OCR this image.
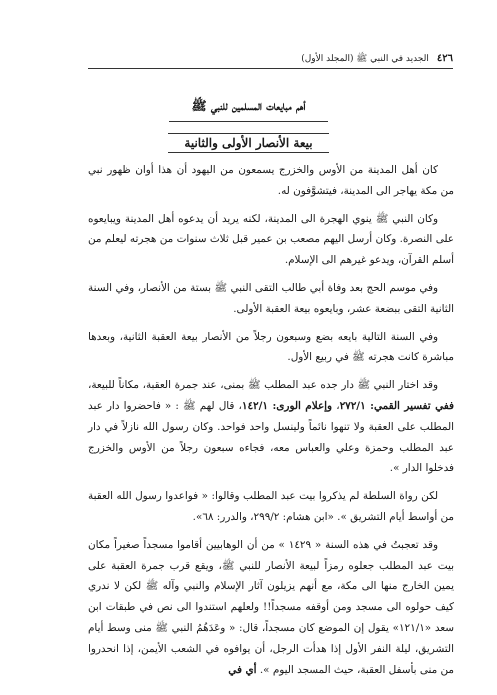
٤٢٦
الجديد في النبي ﷺ (المجلد الأول)
أهم مبايعات المسلمين للنبي ﷺ
بيعة الأنصار الأولى والثانية

كان أهل المدينة من الأوس والخزرج يسمعون من اليهود أن هذا أوان ظهور نبي من مكة يهاجر الى المدينة، فيتشوَّفون له.

وكان النبي ﷺ ينوي الهجرة الى المدينة، لكنه يريد أن يدعوه أهل المدينة ويبايعوه على النصرة. وكان أرسل اليهم مصعب بن عمير قبل ثلاث سنوات من هجرته ليعلم من أسلم القرآن، ويدعو غيرهم الى الإسلام.

وفي موسم الحج بعد وفاة أبي طالب التقى النبي ﷺ بستة من الأنصار، وفي السنة الثانية التقى ببضعة عشر، وبايعوه بيعة العقبة الأولى.

وفي السنة التالية بايعه بضع وسبعون رجلاً من الأنصار بيعة العقبة الثانية، وبعدها مباشرة كانت هجرته ﷺ في ربيع الأول.

وقد اختار النبي ﷺ دار جده عبد المطلب ﷺ بمنى، عند جمرة العقبة، مكاناً للبيعة، ففي تفسير القمي: ٢٧٢/١، وإعلام الورى: ١٤٢/١، قال لهم ﷺ : « فاحضروا دار عبد المطلب على العقبة ولا تنهوا نائماً ولينسل واحد فواحد. وكان رسول الله نازلاً في دار عبد المطلب وحمزة وعلي والعباس معه، فجاءه سبعون رجلاً من الأوس والخزرج فدخلوا الدار ».

لكن رواة السلطة لم يذكروا بيت عبد المطلب وقالوا: « فواعدوا رسول الله العقبة من أواسط أيام التشريق ». «ابن هشام: ٢٩٩/٢، والدرر: ٦٨».

وقد تعجبتُ في هذه السنة « ١٤٢٩ » من أن الوهابيين أقاموا مسجداً صغيراً مكان بيت عبد المطلب جعلوه رمزاً لبيعة الأنصار للنبي ﷺ، ويقع قرب جمرة العقبة على يمين الخارج منها الى مكة، مع أنهم يزيلون آثار الإسلام والنبي وآله ﷺ لكن لا ندري كيف حولوه الى مسجد ومن أوقفه مسجداً!! ولعلهم استندوا الى نص في طبقات ابن سعد «١٢١/١» يقول إن الموضع كان مسجداً، قال: « وعَدَهُمُ النبي ﷺ منى وسط أيام التشريق، ليلة النفر الأول إذا هدأت الرجل، أن يوافوه في الشعب الأيمن، إذا انحدروا من منى بأسفل العقبة، حيث المسجد اليوم ». أي في
